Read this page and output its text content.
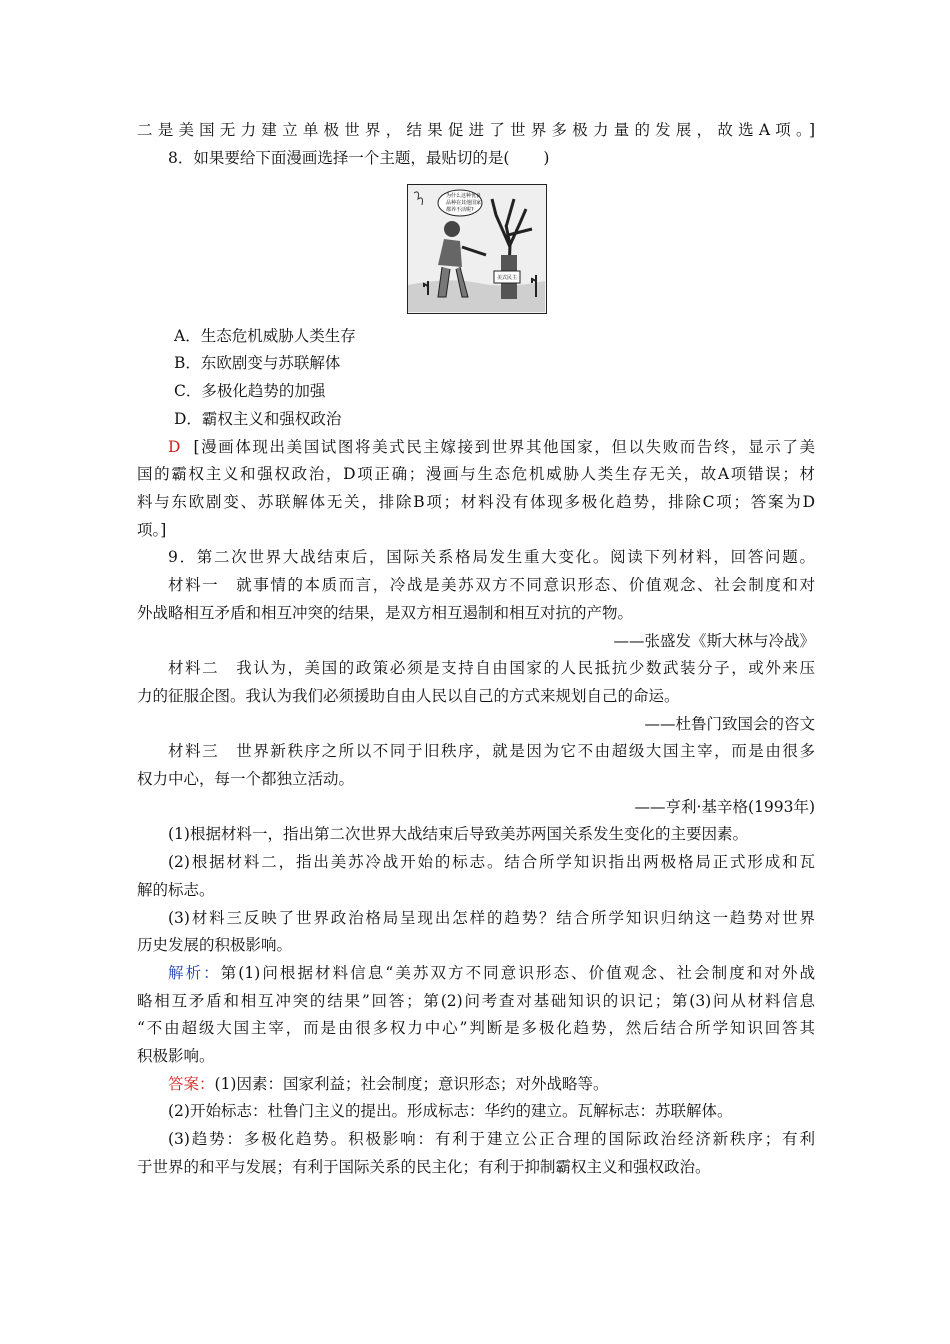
二是美国无力建立单极世界，结果促进了世界多极力量的发展，故选A项。]
8．如果要给下面漫画选择一个主题，最贴切的是( )
为什么这种优良
品种在其他国家
都养不活呢?
美式民主
A．生态危机威胁人类生存
B．东欧剧变与苏联解体
C．多极化趋势的加强
D．霸权主义和强权政治
D [漫画体现出美国试图将美式民主嫁接到世界其他国家，但以失败而告终，显示了美
国的霸权主义和强权政治，D项正确；漫画与生态危机威胁人类生存无关，故A项错误；材
料与东欧剧变、苏联解体无关，排除B项；材料没有体现多极化趋势，排除C项；答案为D
项。]
9．第二次世界大战结束后，国际关系格局发生重大变化。阅读下列材料，回答问题。
材料一　就事情的本质而言，冷战是美苏双方不同意识形态、价值观念、社会制度和对
外战略相互矛盾和相互冲突的结果，是双方相互遏制和相互对抗的产物。
——张盛发《斯大林与冷战》
材料二　我认为，美国的政策必须是支持自由国家的人民抵抗少数武装分子，或外来压
力的征服企图。我认为我们必须援助自由人民以自己的方式来规划自己的命运。
——杜鲁门致国会的咨文
材料三　世界新秩序之所以不同于旧秩序，就是因为它不由超级大国主宰，而是由很多
权力中心，每一个都独立活动。
——亨利·基辛格(1993年)
(1)根据材料一，指出第二次世界大战结束后导致美苏两国关系发生变化的主要因素。
(2)根据材料二，指出美苏冷战开始的标志。结合所学知识指出两极格局正式形成和瓦
解的标志。
(3)材料三反映了世界政治格局呈现出怎样的趋势？结合所学知识归纳这一趋势对世界
历史发展的积极影响。
解析：第(1)问根据材料信息“美苏双方不同意识形态、价值观念、社会制度和对外战
略相互矛盾和相互冲突的结果”回答；第(2)问考查对基础知识的识记；第(3)问从材料信息
“不由超级大国主宰，而是由很多权力中心”判断是多极化趋势，然后结合所学知识回答其
积极影响。
答案：(1)因素：国家利益；社会制度；意识形态；对外战略等。
(2)开始标志：杜鲁门主义的提出。形成标志：华约的建立。瓦解标志：苏联解体。
(3)趋势：多极化趋势。积极影响：有利于建立公正合理的国际政治经济新秩序；有利
于世界的和平与发展；有利于国际关系的民主化；有利于抑制霸权主义和强权政治。
